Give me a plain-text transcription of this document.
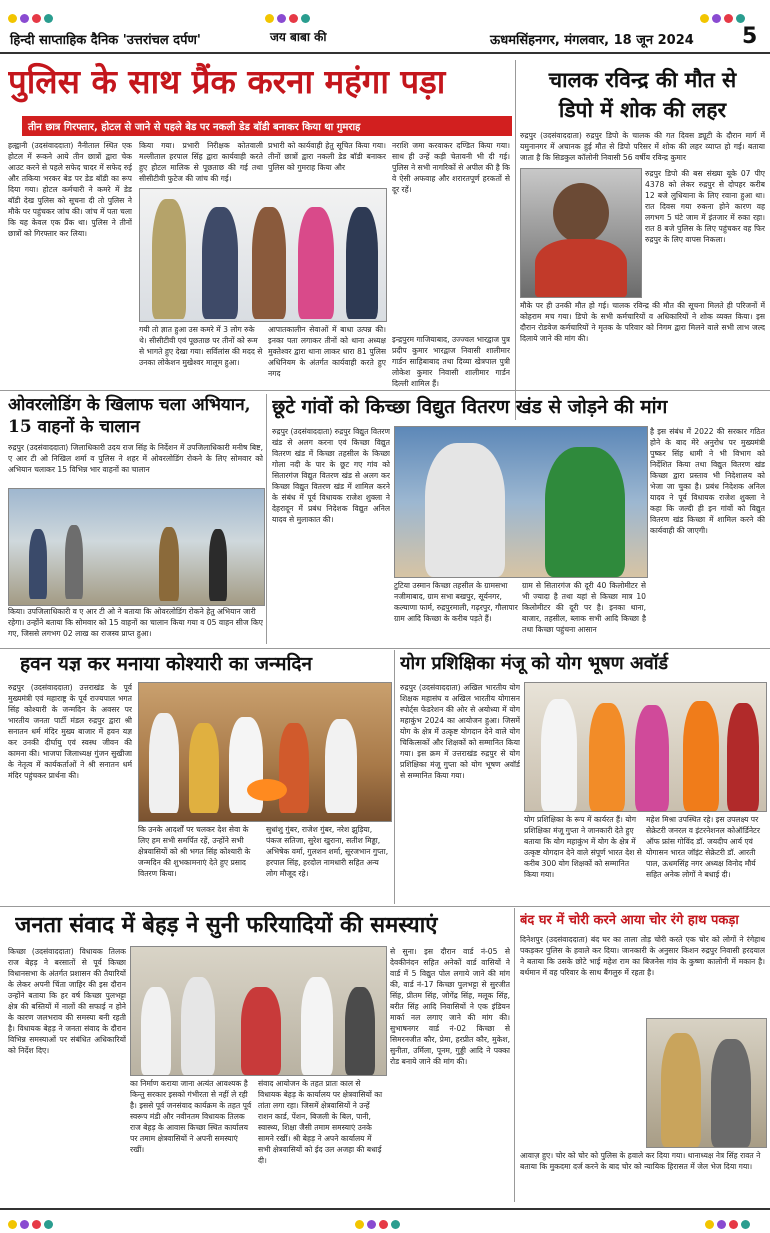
हिन्दी साप्ताहिक दैनिक 'उत्तरांचल दर्पण'	जय बाबा की	ऊधमसिंहनगर, मंगलवार, 18 जून 2024 5
पुलिस के साथ प्रैंक करना महंगा पड़ा
तीन छात्र गिरफ्तार, होटल से जाने से पहले बेड पर नकली डेड बॉडी बनाकर किया था गुमराह
हल्द्वानी (उदसंवाददाता) नैनीताल स्थित एक होटल में रूकने आये तीन छात्रों द्वारा चेक आउट करने से पहले सफेद चादर में सफेद रुई और तकिया भरकर बेड पर डेड बॉडी का रूप दिया गया। होटल कर्मचारी ने कमरे में डेड बॉडी देख पुलिस को सूचना दी तो पुलिस ने मौके पर पहुंचकर जांच की। जांच में पता चला कि यह केवल एक प्रैंक था। पुलिस ने तीनों छात्रों को गिरफ्तार कर लिया।
किया गया। प्रभारी निरीक्षक कोतवाली मल्लीताल हरपाल सिंह द्वारा कार्यवाही करते हुए होटल मालिक से पूछताछ की गई तथा सीसीटीवी फुटेज की जांच की गई।
प्रभारी को कार्यवाही हेतु सूचित किया गया। तीनों छात्रों द्वारा नकली डेड बॉडी बनाकर पुलिस को गुमराह किया और
नराशि जमा करवाकर दण्डित किया गया। साथ ही उन्हें कड़ी चेतावनी भी दी गई। पुलिस ने सभी नागरिकों से अपील की है कि वे ऐसी अफवाह और शरारतपूर्ण हरकतों से दूर रहें।
गयी तो ज्ञात हुआ उस कमरे में 3 लोग रुके थे। सीसीटीवी एवं पूछताछ पर तीनों को रूम से भागते हुए देखा गया। सर्विलांस की मदद से उनका लोकेशन मुखेश्वर मालूम हुआ।
आपातकालीन सेवाओं में बाधा उत्पन्न की। इनका पता लगाकर तीनों को थाना अध्यक्ष मुक्तेश्वर द्वारा थाना लाकर धारा 81 पुलिस अधिनियम के अंतर्गत कार्यवाही करते हुए नगद
इन्द्रपुरम गाजियाबाद, उज्ज्वल भारद्वाज पुत्र प्रदीप कुमार भारद्वाज निवासी शालीमार गार्डन साहिबाबाद तथा दिव्या खेत्रपाल पुत्री लोकेश कुमार निवासी शालीमार गार्डन दिल्ली शामिल हैं।
चालक रविन्द्र की मौत से
डिपो में शोक की लहर
रुद्रपुर (उदसंवाददाता) रुद्रपुर डिपो के चालक की गत दिवस ड्यूटी के दौरान मार्ग में यमुनानगर में अचानक हुई मौत से डिपो परिसर में शोक की लहर व्याप्त हो गई। बताया जाता है कि सिडकुल कॉलोनी निवासी 56 वर्षीय रविन्द्र कुमार
रुद्रपुर डिपो की बस संख्या यूके 07 पीए 4378 को लेकर रुद्रपुर से दोपहर करीब 12 बजे लुधियाना के लिए रवाना हुआ था। रात दिवस गया रुकना होने कारण वह लगभग 5 घंटे जाम में इंतजार में रुका रहा। रात 8 बजे पुलिस के लिए पहुंचकर वह फिर रुद्रपुर के लिए वापस निकला।
मौके पर ही उनकी मौत हो गई। चालक रविन्द्र की मौत की सूचना मिलते ही परिजनों में कोहराम मच गया। डिपो के सभी कर्मचारियों व अधिकारियों ने शोक व्यक्त किया। इस दौरान रोडवेज कर्मचारियों ने मृतक के परिवार को निगम द्वारा मिलने वाले सभी लाभ जल्द दिलाये जाने की मांग की।
ओवरलोडिंग के खिलाफ चला अभियान, 15 वाहनों के चालान
रुद्रपुर (उदसंवाददाता) जिलाधिकारी उदय राज सिंह के निर्देशन में उपजिलाधिकारी मनीष बिष्ट, ए आर टी ओ निखिल शर्मा व पुलिस ने शहर में ओवरलोडिंग रोकने के लिए सोमवार को अभियान चलाकर 15 विभिन्न भार वाहनों का चालान
किया। उपजिलाधिकारी व ए आर टी ओ ने बताया कि ओवरलोडिंग रोकने हेतु अभियान जारी रहेगा। उन्होंने बताया कि सोमवार को 15 वाहनों का चालान किया गया व 05 वाहन सीज किए गए, जिससे लगभग 02 लाख का राजस्व प्राप्त हुआ।
छूटे गांवों को किच्छा विद्युत वितरण खंड से जोड़ने की मांग
रुद्रपुर (उदसंवाददाता) रुद्रपुर विद्युत वितरण खंड से अलग करना एवं किच्छा विद्युत वितरण खंड में किच्छा तहसील के किच्छा गोला नदी के पार के छूट गए गांव को सितारगंज विद्युत वितरण खंड से अलग कर किच्छा विद्युत वितरण खंड में शामिल करने के संबंध में पूर्व विधायक राजेश शुक्ला ने देहरादून में प्रबंध निदेशक विद्युत अनिल यादव से मुलाकात की।
टुटिया उस्मान किच्छा तहसील के ग्रामसभा नजीमाबाद, ग्राम सभा बखपुर, सूर्यनगर, कल्याणा फार्म, रुद्रपुरमाली, गढ़रपुर, गौलापार ग्राम आदि किच्छा के करीब पड़ते हैं।
ग्राम से सितारगंज की दूरी 40 किलोमीटर से भी ज्यादा है तथा यहां से किच्छा मात्र 10 किलोमीटर की दूरी पर है। इनका थाना, बाजार, तहसील, ब्लाक सभी आदि किच्छा है तथा किच्छा पहुंचना आसान
है इस संबंध में 2022 की सरकार गठित होने के बाद मेरे अनुरोध पर मुख्यमंत्री पुष्कर सिंह धामी ने भी विभाग को निर्देशित किया तथा विद्युत वितरण खंड किच्छा द्वारा प्रस्ताव भी निदेशालय को भेजा जा चुका है। प्रबंध निदेशक अनिल यादव ने पूर्व विधायक राजेश शुक्ला ने कहा कि जल्दी ही इन गांवों को विद्युत वितरण खंड किच्छा में शामिल करने की कार्यवाही की जाएगी।
हवन यज्ञ कर मनाया कोश्यारी का जन्मदिन
रुद्रपुर (उदसंवाददाता) उत्तराखंड के पूर्व मुख्यमंत्री एवं महाराष्ट्र के पूर्व राज्यपाल भगत सिंह कोश्यारी के जन्मदिन के अवसर पर भारतीय जनता पार्टी मंडल रुद्रपुर द्वारा श्री सनातन धर्म मंदिर मुख्य बाजार में हवन यज्ञ कर उनकी दीर्घायु एवं स्वस्थ जीवन की कामना की। भाजपा जिलाध्यक्ष गुंजन सुखीजा के नेतृत्व में कार्यकर्ताओं ने श्री सनातन धर्म मंदिर पहुंचकर प्रार्थना की।
कि उनके आदर्शों पर चलकर देश सेवा के लिए हम सभी समर्पित रहें, उन्होंने सभी क्षेत्रवासियों को श्री भगत सिंह कोश्यारी के जन्मदिन की शुभकामनाएं देते हुए प्रसाद वितरण किया।
सुधांशु गुंबर, राजेश गुंबर, नरेश झुड़िया, पंकज सतिजा, सुरेश खुराना, सतीश मिड्ढा, अभिषेक वर्मा, गुलशन शर्मा, सूरजभान गुप्ता, हरपाल सिंह, हरदोल नामधारी सहित अन्य लोग मौजूद रहे।
योग प्रशिक्षिका मंजू को योग भूषण अवॉर्ड
रुद्रपुर (उदसंवाददाता) अखिल भारतीय योग शिक्षक महासंघ व अखिल भारतीय योगासन स्पोर्ट्स फेडरेशन की ओर से अयोध्या में योग महाकुंभ 2024 का आयोजन हुआ। जिसमें योग के क्षेत्र में उत्कृष्ट योगदान देने वाले योग चिकित्सकों और शिक्षकों को सम्मानित किया गया। इस क्रम में उत्तराखंड रुद्रपुर से योग प्रशिक्षिका मंजू गुप्ता को योग भूषण अवॉर्ड से सम्मानित किया गया।
योग प्रशिक्षिका के रूप में कार्यरत हैं। योग प्रशिक्षिका मंजू गुप्ता ने जानकारी देते हुए बताया कि योग महाकुंभ में योग के क्षेत्र में उत्कृष्ट योगदान देने वाले संपूर्ण भारत देश से करीब 300 योग शिक्षकों को सम्मानित किया गया।
महेश मिश्रा उपस्थित रहे। इस उपलक्ष्य पर सेक्रेटरी जनरल व इंटरनेशनल कोऑर्डिनेटर ऑफ फ्रांस गोविंद डॉ. जयदीप आर्य एवं योगासन भारत जॉइंट सेक्रेटरी डॉ. आरती पाल, ऊधमसिंह नगर अध्यक्ष विनोद मौर्य सहित अनेक लोगों ने बधाई दी।
जनता संवाद में बेहड़ ने सुनी फरियादियों की समस्याएं
किच्छा (उदसंवाददाता) विधायक तिलक राज बेहड़ ने बरसातों से पूर्व किच्छा विधानसभा के अंतर्गत प्रशासन की तैयारियों के लेकर अपनी चिंता जाहिर की इस दौरान उन्होंने बताया कि हर वर्ष किच्छा पुलभट्टा क्षेत्र की बस्तियों में नालों की सफाई न होने के कारण जलभराव की समस्या बनी रहती है। विधायक बेहड़ ने जनता संवाद के दौरान विभिन्न समस्याओं पर संबंधित अधिकारियों को निर्देश दिए।
का निर्माण कराया जाना अत्यंत आवश्यक है किन्तु सरकार इसको गंभीरता से नहीं ले रही है। इससे पूर्व जनसंवाद कार्यक्रम के तहत पूर्व स्वरूप मंडी और नवीनतम विधायक तिलक राज बेहड़ के आवास किच्छा स्थित कार्यालय पर तमाम क्षेत्रवासियों ने अपनी समस्याएं रखीं।
संवाद आयोजन के तहत प्रातः काल से विधायक बेहड़ के कार्यालय पर क्षेत्रवासियों का तांता लगा रहा। जिसमें क्षेत्रवासियों ने उन्हें राशन कार्ड, पेंशन, बिजली के बिल, पानी, स्वास्थ्य, शिक्षा जैसी तमाम समस्याएं उनके सामने रखीं। श्री बेहड़ ने अपने कार्यालय में सभी क्षेत्रवासियों को ईद उल अजहा की बधाई दी।
से सुना। इस दौरान वार्ड नं-05 से देवकीनंदन सहित अनेकों वार्ड वासियों ने वार्ड में 5 विद्युत पोल लगाये जाने की मांग की, वार्ड नं-17 किच्छा पुलभट्टा से सुरजीत सिंह, प्रीतम सिंह, जोगेंद्र सिंह, मलूक सिंह, बरीत सिंह आदि निवासियों ने एक इंडियन मार्का नल लगाए जाने की मांग की। सुभाषनगर वार्ड नं-02 किच्छा से सिमरनजीत कौर, प्रेमा, हरप्रीत कौर, मुकेश, सुनीता, उर्मिला, पूनम, गुड्डी आदि ने पक्का रोड बनाये जाने की मांग की।
बंद घर में चोरी करने आया चोर रंगे हाथ पकड़ा
दिनेशपुर (उदसंवाददाता) बंद घर का ताला तोड़ चोरी करते एक चोर को लोगों ने रंगेहाथ पकड़कर पुलिस के हवाले कर दिया। जानकारी के अनुसार किशन रुद्रपुर निवासी हरदयाल ने बताया कि उसके छोटे भाई महेश राम का बिजनेस गांव के कुष्णा कालोनी में मकान है। बर्थमान में वह परिवार के साथ बैंगलुरु में रहता है।
आवाज़ हुए। चोर को चोर को पुलिस के हवाले कर दिया गया। थानाध्यक्ष नेत्र सिंह रावत ने बताया कि मुकदमा दर्ज करने के बाद चोर को न्यायिक हिरासत में जेल भेज दिया गया।
